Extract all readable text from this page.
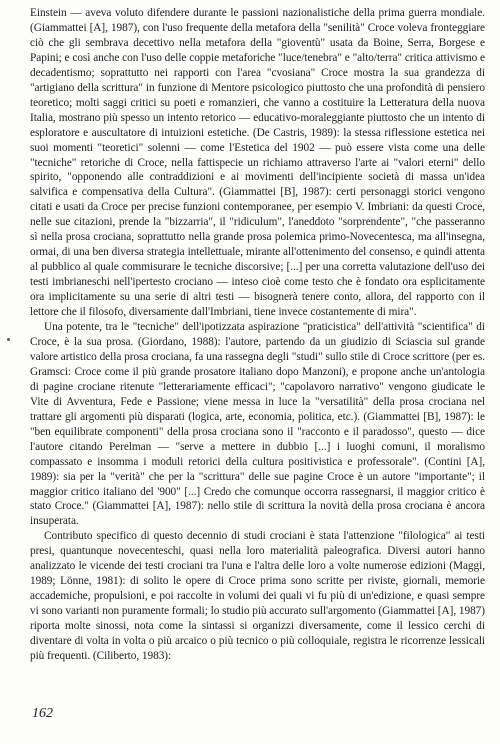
Einstein — aveva voluto difendere durante le passioni nazionalistiche della prima guerra mondiale. (Giammattei [A], 1987), con l'uso frequente della metafora della "senilità" Croce voleva fronteggiare ciò che gli sembrava decettivo nella metafora della "gioventù" usata da Boine, Serra, Borgese e Papini; e così anche con l'uso delle coppie metaforiche "luce/tenebra" e "alto/terra" critica attivismo e decadentismo; soprattutto nei rapporti con l'area "cvosiana" Croce mostra la sua grandezza di "artigiano della scrittura" in funzione di Mentore psicologico piuttosto che una profondità di pensiero teoretico; molti saggi critici su poeti e romanzieri, che vanno a costituire la Letteratura della nuova Italia, mostrano più spesso un intento retorico — educativo-moraleggiante piuttosto che un intento di esploratore e auscultatore di intuizioni estetiche. (De Castris, 1989): la stessa riflessione estetica nei suoi momenti "teoretici" solenni — come l'Estetica del 1902 — può essere vista come una delle "tecniche" retoriche di Croce, nella fattispecie un richiamo attraverso l'arte ai "valori eterni" dello spirito, "opponendo alle contraddizioni e ai movimenti dell'incipiente società di massa un'idea salvifica e compensativa della Cultura". (Giammattei [B], 1987): certi personaggi storici vengono citati e usati da Croce per precise funzioni contemporanee, per esempio V. Imbriani: da questi Croce, nelle sue citazioni, prende la "bizzarria", il "ridiculum", l'aneddoto "sorprendente", "che passeranno sì nella prosa crociana, soprattutto nella grande prosa polemica primo-Novecentesca, ma all'insegna, ormai, di una ben diversa strategia intellettuale, mirante all'ottenimento del consenso, e quindi attenta al pubblico al quale commisurare le tecniche discorsive; [...] per una corretta valutazione dell'uso dei testi imbrianeschi nell'ipertesto crociano — inteso cioè come testo che è fondato ora esplicitamente ora implicitamente su una serie di altri testi — bisognerà tenere conto, allora, del rapporto con il lettore che il filosofo, diversamente dall'Imbriani, tiene invece costantemente di mira".

Una potente, tra le "tecniche" dell'ipotizzata aspirazione "praticistica" dell'attività "scientifica" di Croce, è la sua prosa. (Giordano, 1988): l'autore, partendo da un giudizio di Sciascia sul grande valore artistico della prosa crociana, fa una rassegna degli "studi" sullo stile di Croce scrittore (per es. Gramsci: Croce come il più grande prosatore italiano dopo Manzoni), e propone anche un'antologia di pagine crociane ritenute "letterariamente efficaci"; "capolavoro narrativo" vengono giudicate le Vite di Avventura, Fede e Passione; viene messa in luce la "versatilità" della prosa crociana nel trattare gli argomenti più disparati (logica, arte, economia, politica, etc.). (Giammattei [B], 1987): le "ben equilibrate componenti" della prosa crociana sono il "racconto e il paradosso", questo — dice l'autore citando Perelman — "serve a mettere in dubbio [...] i luoghi comuni, il moralismo compassato e insomma i moduli retorici della cultura positivistica e professorale". (Contini [A], 1989): sia per la "verità" che per la "scrittura" delle sue pagine Croce è un autore "importante"; il maggior critico italiano del '900" [...] Credo che comunque occorra rassegnarsi, il maggior critico è stato Croce." (Giammattei [A], 1987): nello stile di scrittura la novità della prosa crociana è ancora insuperata.

Contributo specifico di questo decennio di studi crociani è stata l'attenzione "filologica" ai testi presi, quantunque novecenteschi, quasi nella loro materialità paleografica. Diversi autori hanno analizzato le vicende dei testi crociani tra l'una e l'altra delle loro a volte numerose edizioni (Maggi, 1989; Lönne, 1981): di solito le opere di Croce prima sono scritte per riviste, giornali, memorie accademiche, propulsioni, e poi raccolte in volumi dei quali vi fu più di un'edizione, e quasi sempre vi sono varianti non puramente formali; lo studio più accurato sull'argomento (Giammattei [A], 1987) riporta molte sinossi, nota come la sintassi si organizzi diversamente, come il lessico cerchi di diventare di volta in volta o più arcaico o più tecnico o più colloquiale, registra le ricorrenze lessicali più frequenti. (Ciliberto, 1983):

162
